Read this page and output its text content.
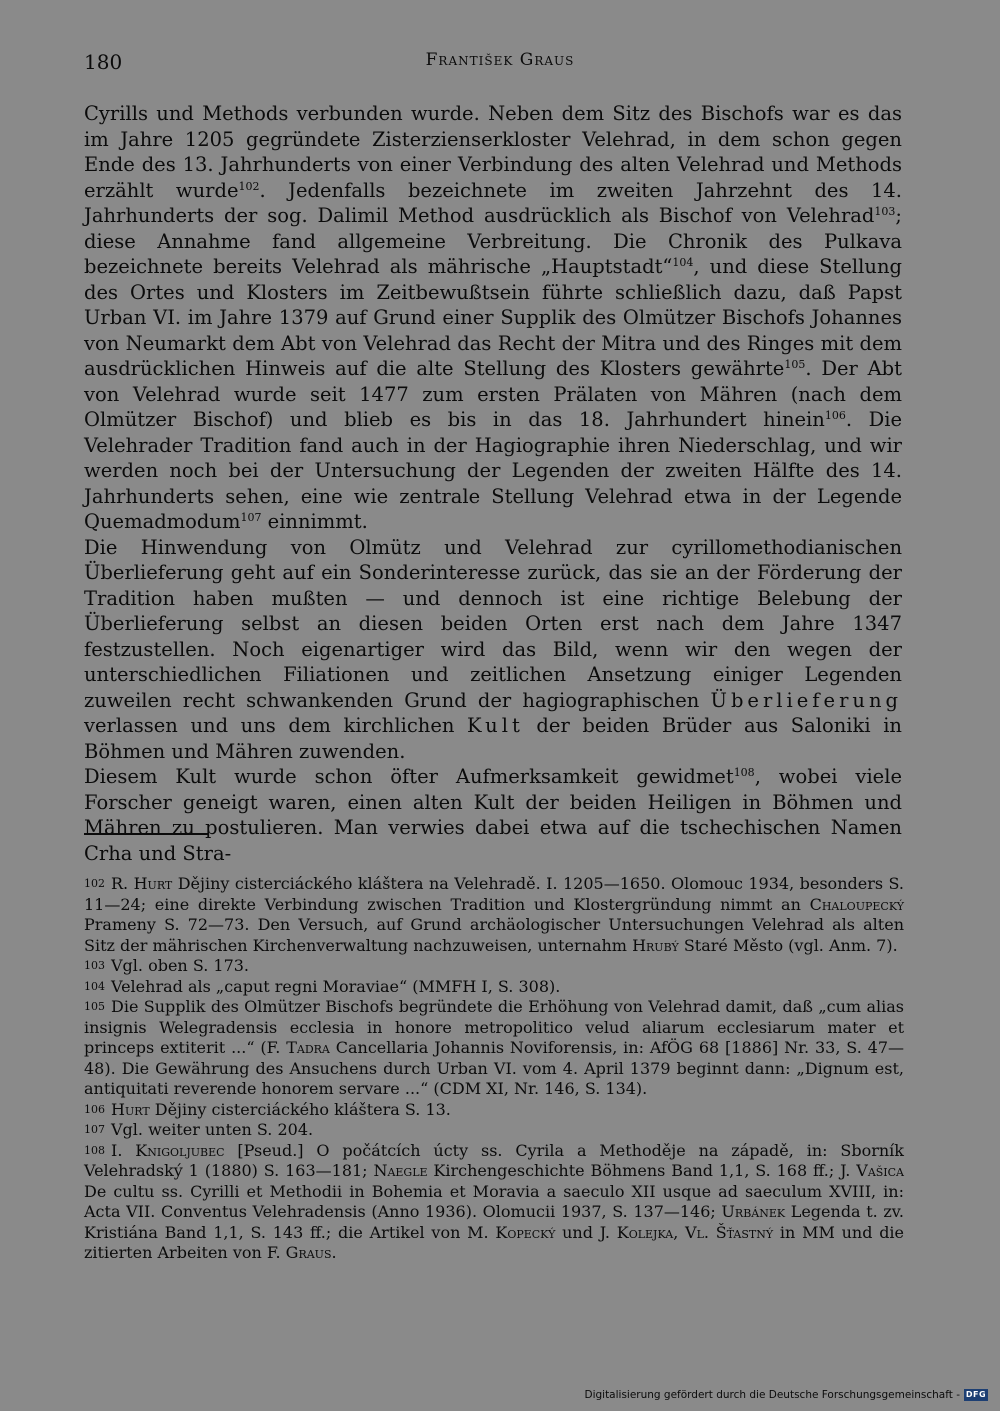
180	František Graus

Cyrills und Methods verbunden wurde. Neben dem Sitz des Bischofs war es das im Jahre 1205 gegründete Zisterzienserkloster Velehrad, in dem schon gegen Ende des 13. Jahrhunderts von einer Verbindung des alten Velehrad und Methods erzählt wurde$^{102}$. Jedenfalls bezeichnete im zweiten Jahrzehnt des 14. Jahrhunderts der sog. Dalimil Method ausdrücklich als Bischof von Velehrad$^{103}$; diese Annahme fand allgemeine Verbreitung. Die Chronik des Pulkava bezeichnete bereits Velehrad als mährische „Hauptstadt“$^{104}$, und diese Stellung des Ortes und Klosters im Zeitbewußtsein führte schließlich dazu, daß Papst Urban VI. im Jahre 1379 auf Grund einer Supplik des Olmützer Bischofs Johannes von Neumarkt dem Abt von Velehrad das Recht der Mitra und des Ringes mit dem ausdrücklichen Hinweis auf die alte Stellung des Klosters gewährte$^{105}$. Der Abt von Velehrad wurde seit 1477 zum ersten Prälaten von Mähren (nach dem Olmützer Bischof) und blieb es bis in das 18. Jahrhundert hinein$^{106}$. Die Velehrader Tradition fand auch in der Hagiographie ihren Niederschlag, und wir werden noch bei der Untersuchung der Legenden der zweiten Hälfte des 14. Jahrhunderts sehen, eine wie zentrale Stellung Velehrad etwa in der Legende Quemadmodum$^{107}$ einnimmt.

Die Hinwendung von Olmütz und Velehrad zur cyrillomethodianischen Überlieferung geht auf ein Sonderinteresse zurück, das sie an der Förderung der Tradition haben mußten — und dennoch ist eine richtige Belebung der Überlieferung selbst an diesen beiden Orten erst nach dem Jahre 1347 festzustellen. Noch eigenartiger wird das Bild, wenn wir den wegen der unterschiedlichen Filiationen und zeitlichen Ansetzung einiger Legenden zuweilen recht schwankenden Grund der hagiographischen Überlieferung verlassen und uns dem kirchlichen Kult der beiden Brüder aus Saloniki in Böhmen und Mähren zuwenden.

Diesem Kult wurde schon öfter Aufmerksamkeit gewidmet$^{108}$, wobei viele Forscher geneigt waren, einen alten Kult der beiden Heiligen in Böhmen und Mähren zu postulieren. Man verwies dabei etwa auf die tschechischen Namen Crha und Stra-

102 R. Hurt Dějiny cisterciáckého kláštera na Velehradě. I. 1205—1650. Olomouc 1934, besonders S. 11—24; eine direkte Verbindung zwischen Tradition und Klostergründung nimmt an Chaloupecký Prameny S. 72—73. Den Versuch, auf Grund archäologischer Untersuchungen Velehrad als alten Sitz der mährischen Kirchenverwaltung nachzuweisen, unternahm Hrubý Staré Město (vgl. Anm. 7).

103 Vgl. oben S. 173.

104 Velehrad als „caput regni Moraviae“ (MMFH I, S. 308).

105 Die Supplik des Olmützer Bischofs begründete die Erhöhung von Velehrad damit, daß „cum alias insignis Welegradensis ecclesia in honore metropolitico velud aliarum ecclesiarum mater et princeps extiterit ...“ (F. Tadra Cancellaria Johannis Noviforensis, in: AfÖG 68 [1886] Nr. 33, S. 47—48). Die Gewährung des Ansuchens durch Urban VI. vom 4. April 1379 beginnt dann: „Dignum est, antiquitati reverende honorem servare ...“ (CDM XI, Nr. 146, S. 134).

106 Hurt Dějiny cisterciáckého kláštera S. 13.

107 Vgl. weiter unten S. 204.

108 I. Knigoljubec [Pseud.] O počátcích úcty ss. Cyrila a Methoděje na západě, in: Sborník Velehradský 1 (1880) S. 163—181; Naegle Kirchengeschichte Böhmens Band 1,1, S. 168 ff.; J. Vašica De cultu ss. Cyrilli et Methodii in Bohemia et Moravia a saeculo XII usque ad saeculum XVIII, in: Acta VII. Conventus Velehradensis (Anno 1936). Olomucii 1937, S. 137—146; Urbánek Legenda t. zv. Kristiána Band 1,1, S. 143 ff.; die Artikel von M. Kopecký und J. Kolejka, Vl. Šťastný in MM und die zitierten Arbeiten von F. Graus.

Digitalisierung gefördert durch die Deutsche Forschungsgemeinschaft - DFG
